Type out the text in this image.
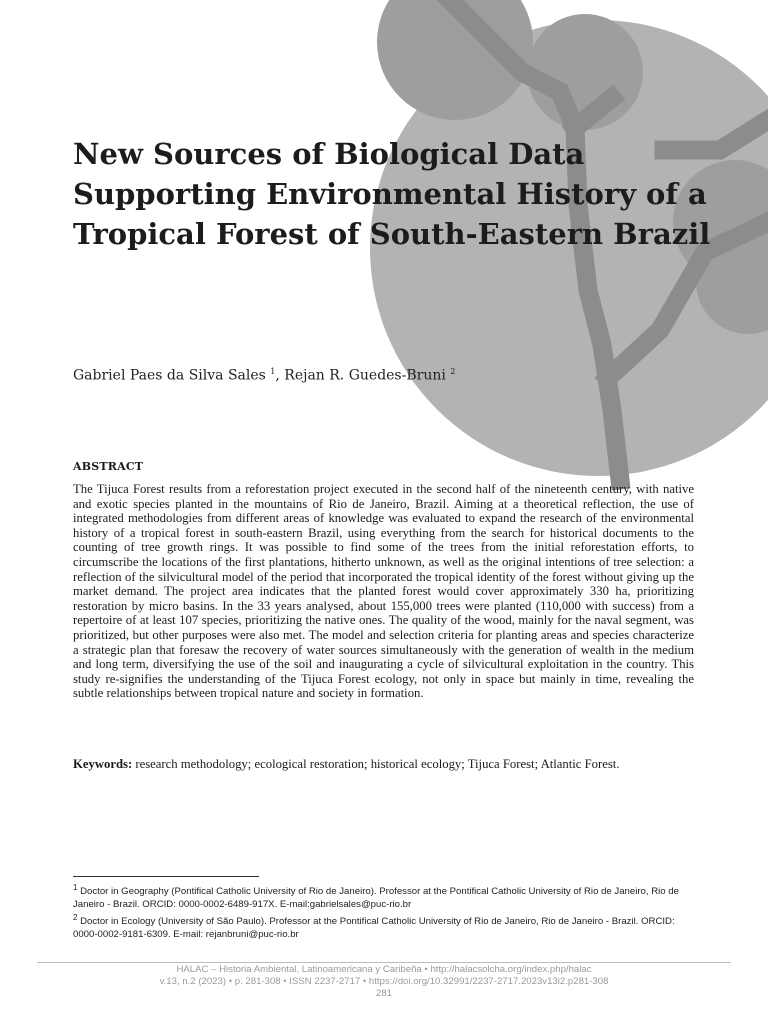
New Sources of Biological Data Supporting Environmental History of a Tropical Forest of South-Eastern Brazil

Gabriel Paes da Silva Sales $^1$, Rejan R. Guedes-Bruni $^2$

ABSTRACT

The Tijuca Forest results from a reforestation project executed in the second half of the nineteenth century, with native and exotic species planted in the mountains of Rio de Janeiro, Brazil. Aiming at a theoretical reflection, the use of integrated methodologies from different areas of knowledge was evaluated to expand the research of the environmental history of a tropical forest in south-eastern Brazil, using everything from the search for historical documents to the counting of tree growth rings. It was possible to find some of the trees from the initial reforestation efforts, to circumscribe the locations of the first plantations, hitherto unknown, as well as the original intentions of tree selection: a reflection of the silvicultural model of the period that incorporated the tropical identity of the forest without giving up the market demand. The project area indicates that the planted forest would cover approximately 330 ha, prioritizing restoration by micro basins. In the 33 years analysed, about 155,000 trees were planted (110,000 with success) from a repertoire of at least 107 species, prioritizing the native ones. The quality of the wood, mainly for the naval segment, was prioritized, but other purposes were also met. The model and selection criteria for planting areas and species characterize a strategic plan that foresaw the recovery of water sources simultaneously with the generation of wealth in the medium and long term, diversifying the use of the soil and inaugurating a cycle of silvicultural exploitation in the country. This study re-signifies the understanding of the Tijuca Forest ecology, not only in space but mainly in time, revealing the subtle relationships between tropical nature and society in formation.

Keywords: research methodology; ecological restoration; historical ecology; Tijuca Forest; Atlantic Forest.

$^1$ Doctor in Geography (Pontifical Catholic University of Rio de Janeiro). Professor at the Pontifical Catholic University of Rio de Janeiro, Rio de Janeiro - Brazil. ORCID: 0000-0002-6489-917X. E-mail:gabrielsales@puc-rio.br

$^2$ Doctor in Ecology (University of São Paulo). Professor at the Pontifical Catholic University of Rio de Janeiro, Rio de Janeiro - Brazil. ORCID: 0000-0002-9181-6309. E-mail: rejanbruni@puc-rio.br

HALAC – Historia Ambiental, Latinoamericana y Caribeña • http://halacsolcha.org/index.php/halac
v.13, n.2 (2023) • p. 281-308 • ISSN 2237-2717 • https://doi.org/10.32991/2237-2717.2023v13i2.p281-308
281
